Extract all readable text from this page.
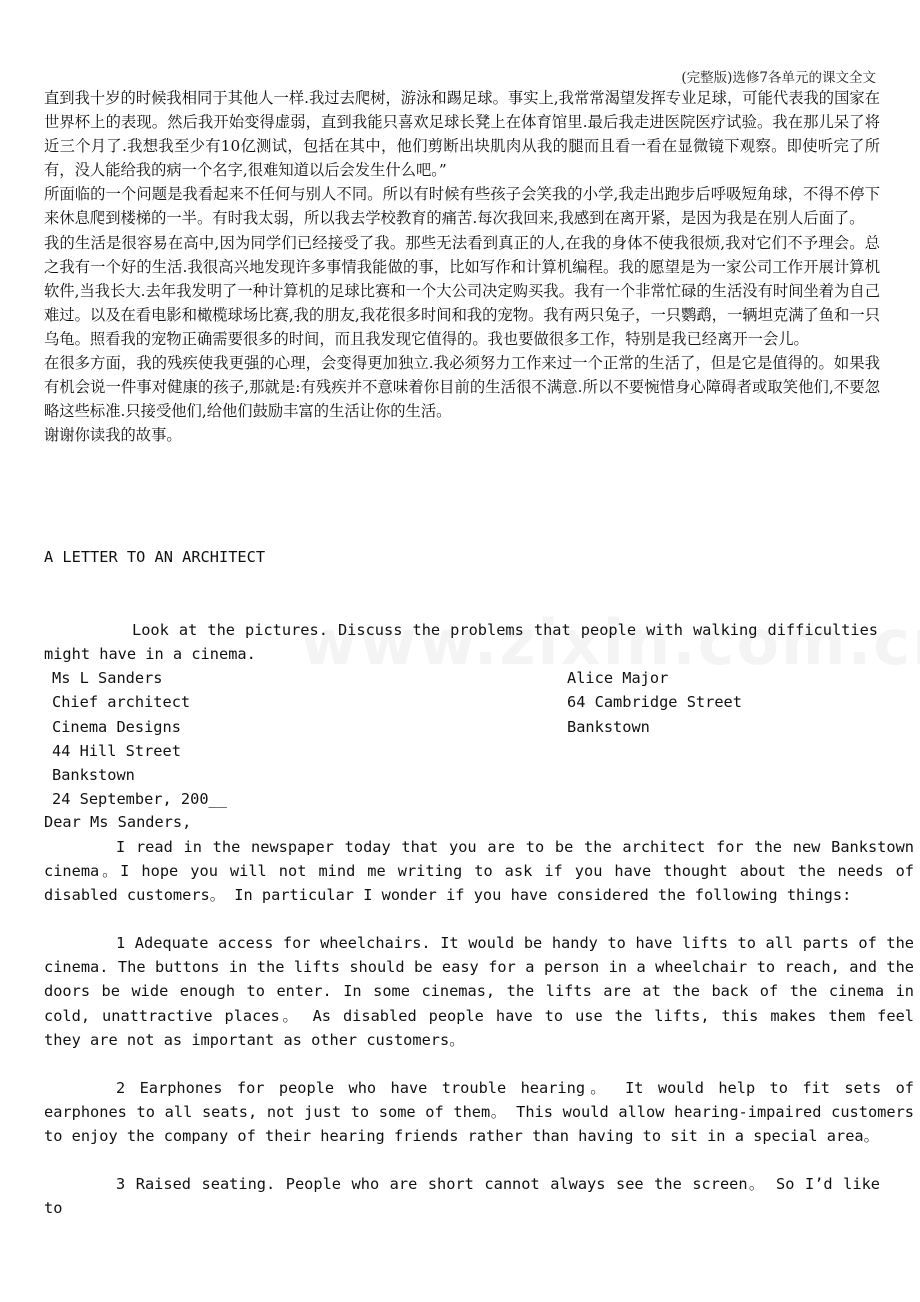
(完整版)选修7各单元的课文全文

直到我十岁的时候我相同于其他人一样.我过去爬树，游泳和踢足球。事实上,我常常渴望发挥专业足球，可能代表我的国家在世界杯上的表现。然后我开始变得虚弱，直到我能只喜欢足球长凳上在体育馆里.最后我走进医院医疗试验。我在那儿呆了将近三个月了.我想我至少有10亿测试，包括在其中，他们剪断出块肌肉从我的腿而且看一看在显微镜下观察。即使听完了所有，没人能给我的病一个名字,很难知道以后会发生什么吧。”

所面临的一个问题是我看起来不任何与别人不同。所以有时候有些孩子会笑我的小学,我走出跑步后呼吸短角球，不得不停下来休息爬到楼梯的一半。有时我太弱，所以我去学校教育的痛苦.每次我回来,我感到在离开紧，是因为我是在别人后面了。

我的生活是很容易在高中,因为同学们已经接受了我。那些无法看到真正的人,在我的身体不使我很烦,我对它们不予理会。总之我有一个好的生活.我很高兴地发现许多事情我能做的事，比如写作和计算机编程。我的愿望是为一家公司工作开展计算机软件,当我长大.去年我发明了一种计算机的足球比赛和一个大公司决定购买我。我有一个非常忙碌的生活没有时间坐着为自己难过。以及在看电影和橄榄球场比赛,我的朋友,我花很多时间和我的宠物。我有两只兔子，一只鹦鹉，一辆坦克满了鱼和一只乌龟。照看我的宠物正确需要很多的时间，而且我发现它值得的。我也要做很多工作，特别是我已经离开一会儿。

在很多方面，我的残疾使我更强的心理，会变得更加独立.我必须努力工作来过一个正常的生活了，但是它是值得的。如果我有机会说一件事对健康的孩子,那就是:有残疾并不意味着你目前的生活很不满意.所以不要惋惜身心障碍者或取笑他们,不要忽略这些标准.只接受他们,给他们鼓励丰富的生活让你的生活。

谢谢你读我的故事。

A LETTER TO AN ARCHITECT
Look at the pictures. Discuss the problems that people with walking difficulties might have in a cinema.
Ms L Sanders
Chief architect
Cinema Designs
44 Hill Street
Bankstown
24 September, 200__
Alice Major
64 Cambridge Street
Bankstown
Dear Ms Sanders,
I read in the newspaper today that you are to be the architect for the new Bankstown cinema。I hope you will not mind me writing to ask if you have thought about the needs of disabled customers。 In particular I wonder if you have considered the following things:
1 Adequate access for wheelchairs. It would be handy to have lifts to all parts of the cinema. The buttons in the lifts should be easy for a person in a wheelchair to reach, and the doors be wide enough to enter. In some cinemas, the lifts are at the back of the cinema in cold, unattractive places。 As disabled people have to use the lifts, this makes them feel they are not as important as other customers。
2 Earphones for people who have trouble hearing。 It would help to fit sets of earphones to all seats, not just to some of them。 This would allow hearing-impaired customers to enjoy the company of their hearing friends rather than having to sit in a special area。
3 Raised seating. People who are short cannot always see the screen。 So I’d like to
